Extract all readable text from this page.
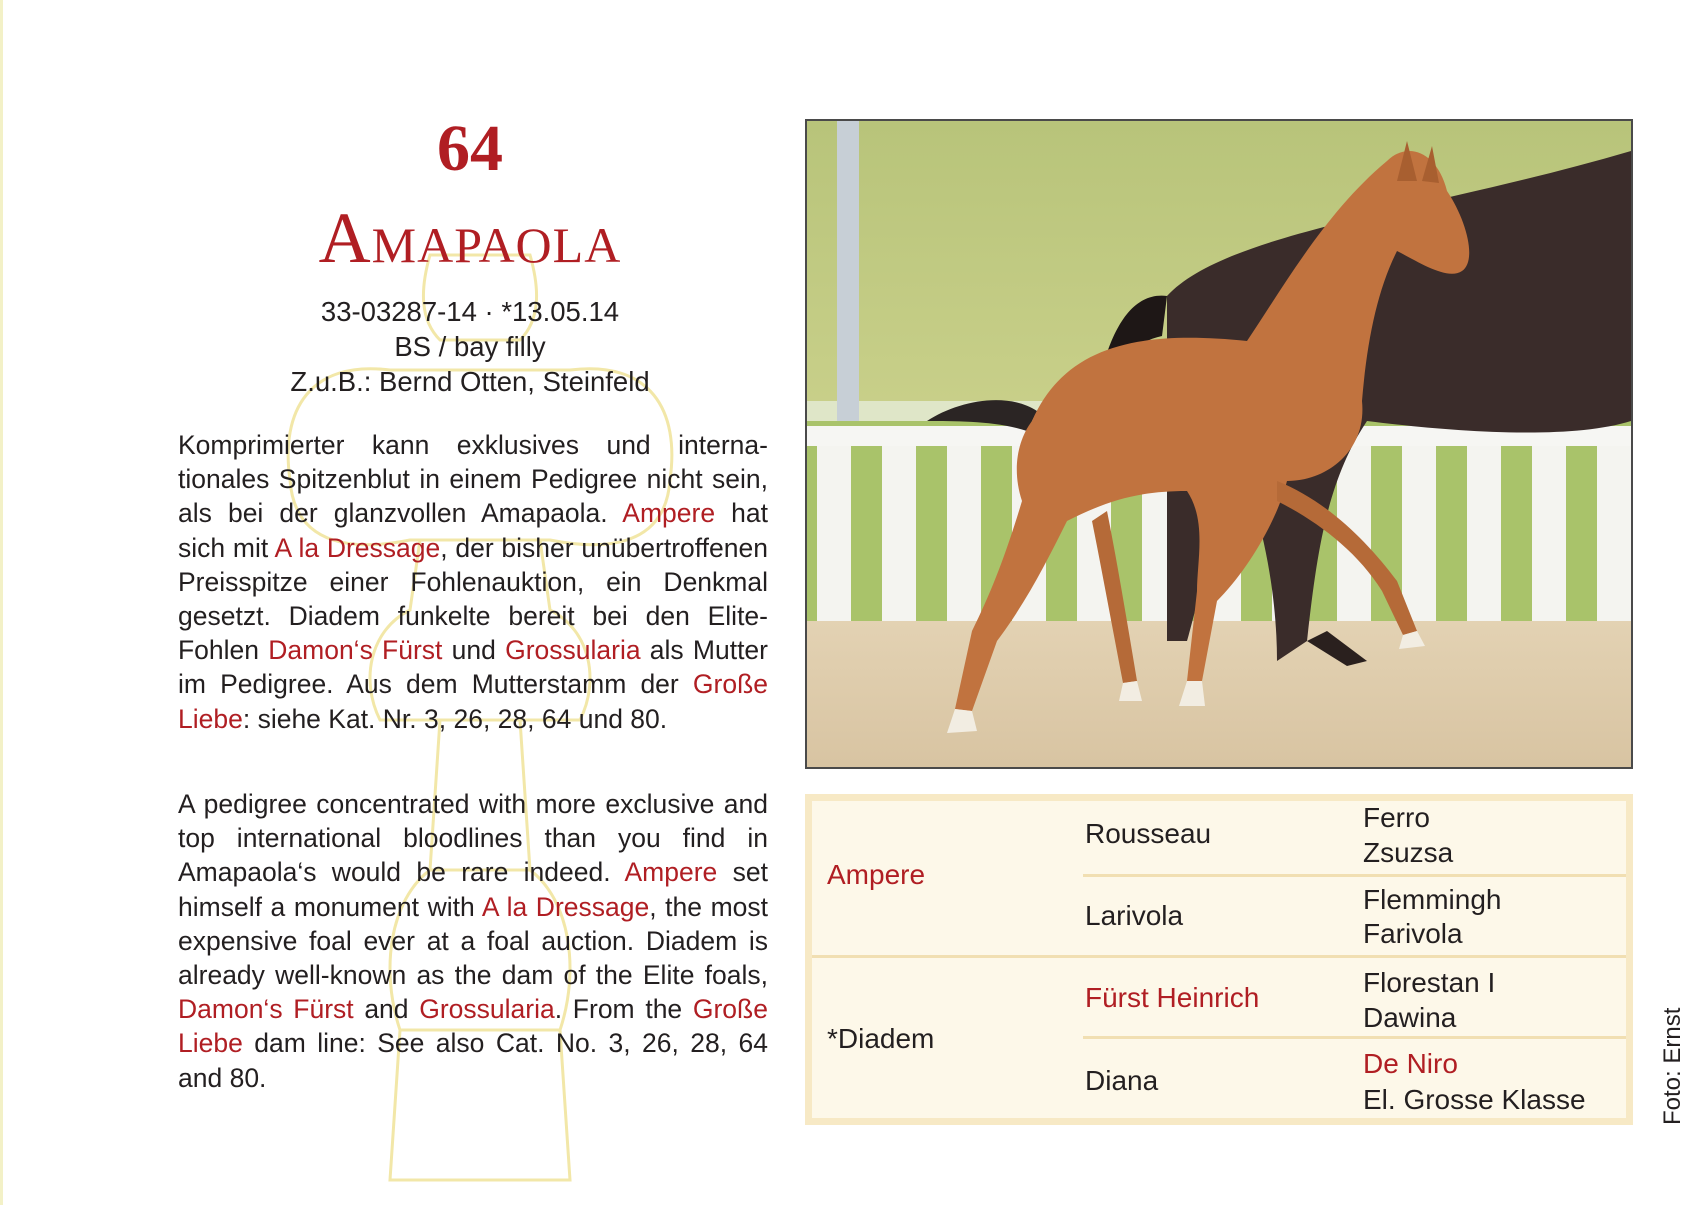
64
Amapaola
33-03287-14 · *13.05.14
BS / bay filly
Z.u.B.: Bernd Otten, Steinfeld

Komprimierter kann exklusives und internationales Spitzenblut in einem Pedigree nicht sein, als bei der glanzvollen Amapaola. Ampere hat sich mit A la Dressage, der bisher unübertroffenen Preisspitze einer Fohlenauktion, ein Denkmal gesetzt. Diadem funkelte bereit bei den Elite-Fohlen Damon‘s Fürst und Grossularia als Mutter im Pedigree. Aus dem Mutterstamm der Große Liebe: siehe Kat. Nr. 3, 26, 28, 64 und 80.

A pedigree concentrated with more exclusive and top international bloodlines than you find in Amapaola‘s would be rare indeed. Ampere set himself a monument with A la Dressage, the most expensive foal ever at a foal auction. Diadem is already well-known as the dam of the Elite foals, Damon‘s Fürst and Grossularia. From the Große Liebe dam line: See also Cat. No. 3, 26, 28, 64 and 80.

Ampere
*Diadem
Rousseau
Larivola
Fürst Heinrich
Diana
Ferro
Zsuzsa
Flemmingh
Farivola
Florestan I
Dawina
De Niro
El. Grosse Klasse	Foto: Ernst
